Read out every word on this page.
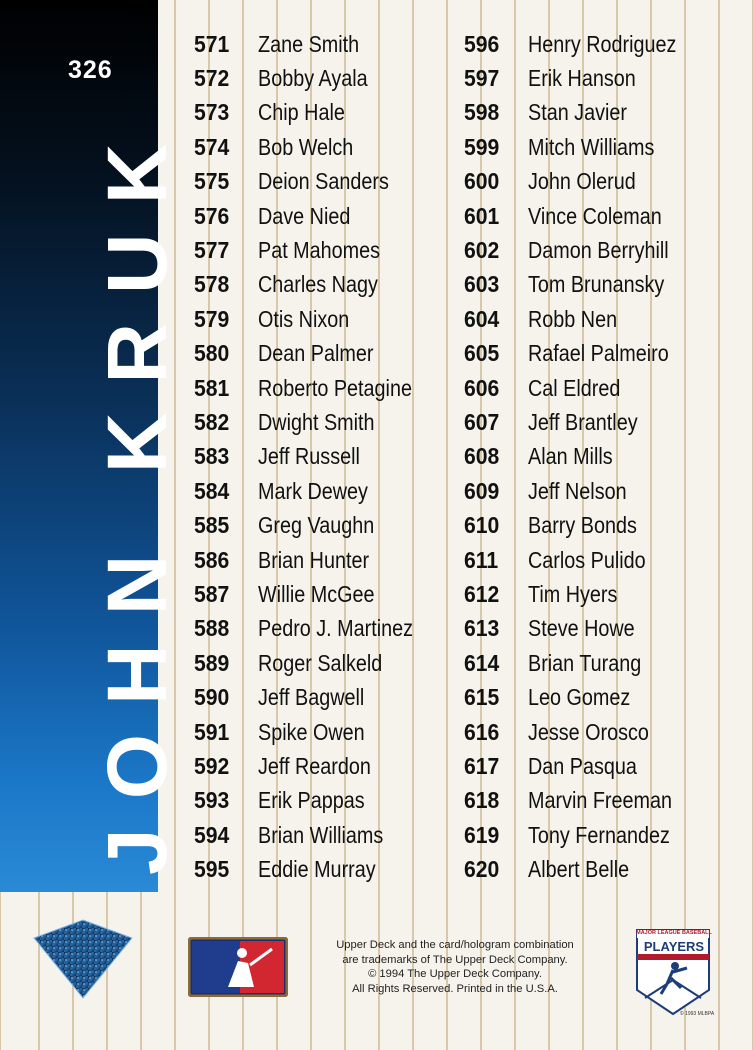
326
JOHN KRUK
571	Zane Smith
572	Bobby Ayala
573	Chip Hale
574	Bob Welch
575	Deion Sanders
576	Dave Nied
577	Pat Mahomes
578	Charles Nagy
579	Otis Nixon
580	Dean Palmer
581	Roberto Petagine
582	Dwight Smith
583	Jeff Russell
584	Mark Dewey
585	Greg Vaughn
586	Brian Hunter
587	Willie McGee
588	Pedro J. Martinez
589	Roger Salkeld
590	Jeff Bagwell
591	Spike Owen
592	Jeff Reardon
593	Erik Pappas
594	Brian Williams
595	Eddie Murray
596	Henry Rodriguez
597	Erik Hanson
598	Stan Javier
599	Mitch Williams
600	John Olerud
601	Vince Coleman
602	Damon Berryhill
603	Tom Brunansky
604	Robb Nen
605	Rafael Palmeiro
606	Cal Eldred
607	Jeff Brantley
608	Alan Mills
609	Jeff Nelson
610	Barry Bonds
611	Carlos Pulido
612	Tim Hyers
613	Steve Howe
614	Brian Turang
615	Leo Gomez
616	Jesse Orosco
617	Dan Pasqua
618	Marvin Freeman
619	Tony Fernandez
620	Albert Belle
Upper Deck and the card/hologram combination
are trademarks of The Upper Deck Company.
© 1994 The Upper Deck Company.
All Rights Reserved. Printed in the U.S.A.
MAJOR LEAGUE BASEBALL
PLAYERS
© 1993 MLBPA
